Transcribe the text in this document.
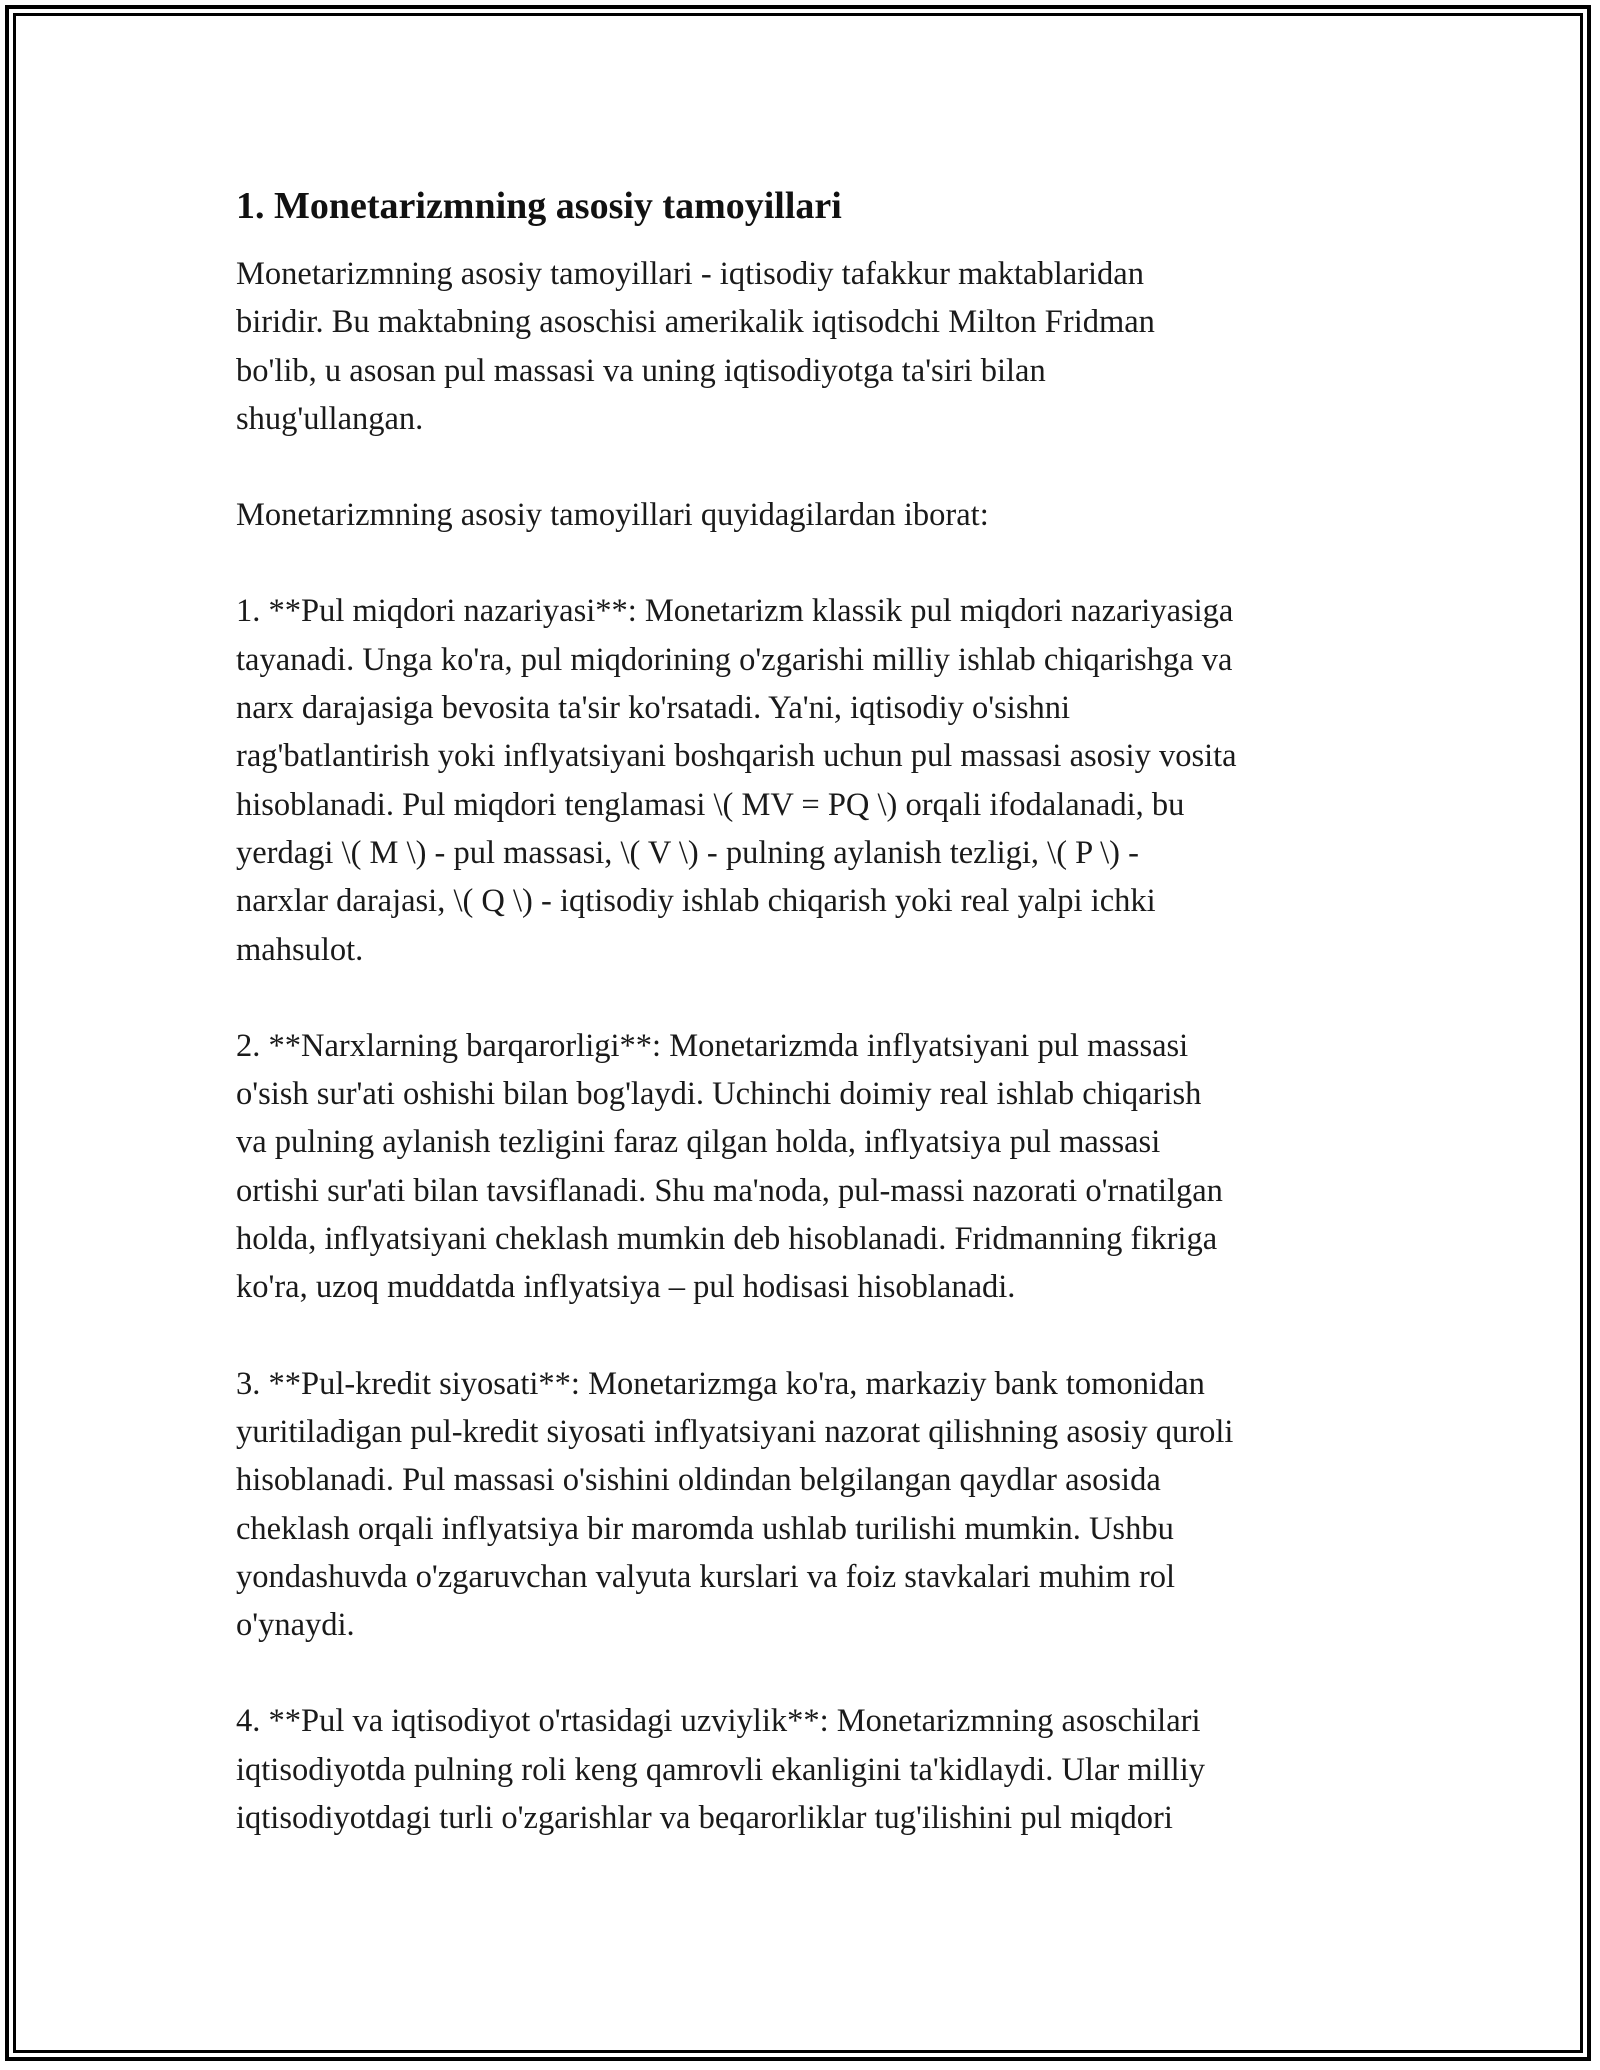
1. Monetarizmning asosiy tamoyillari
Monetarizmning asosiy tamoyillari - iqtisodiy tafakkur maktablaridan
biridir. Bu maktabning asoschisi amerikalik iqtisodchi Milton Fridman
bo'lib, u asosan pul massasi va uning iqtisodiyotga ta'siri bilan
shug'ullangan.
Monetarizmning asosiy tamoyillari quyidagilardan iborat:
1. **Pul miqdori nazariyasi**: Monetarizm klassik pul miqdori nazariyasiga
tayanadi. Unga ko'ra, pul miqdorining o'zgarishi milliy ishlab chiqarishga va
narx darajasiga bevosita ta'sir ko'rsatadi. Ya'ni, iqtisodiy o'sishni
rag'batlantirish yoki inflyatsiyani boshqarish uchun pul massasi asosiy vosita
hisoblanadi. Pul miqdori tenglamasi \( MV = PQ \) orqali ifodalanadi, bu
yerdagi \( M \) - pul massasi, \( V \) - pulning aylanish tezligi, \( P \) -
narxlar darajasi, \( Q \) - iqtisodiy ishlab chiqarish yoki real yalpi ichki
mahsulot.
2. **Narxlarning barqarorligi**: Monetarizmda inflyatsiyani pul massasi
o'sish sur'ati oshishi bilan bog'laydi. Uchinchi doimiy real ishlab chiqarish
va pulning aylanish tezligini faraz qilgan holda, inflyatsiya pul massasi
ortishi sur'ati bilan tavsiflanadi. Shu ma'noda, pul-massi nazorati o'rnatilgan
holda, inflyatsiyani cheklash mumkin deb hisoblanadi. Fridmanning fikriga
ko'ra, uzoq muddatda inflyatsiya – pul hodisasi hisoblanadi.
3. **Pul-kredit siyosati**: Monetarizmga ko'ra, markaziy bank tomonidan
yuritiladigan pul-kredit siyosati inflyatsiyani nazorat qilishning asosiy quroli
hisoblanadi. Pul massasi o'sishini oldindan belgilangan qaydlar asosida
cheklash orqali inflyatsiya bir maromda ushlab turilishi mumkin. Ushbu
yondashuvda o'zgaruvchan valyuta kurslari va foiz stavkalari muhim rol
o'ynaydi.
4. **Pul va iqtisodiyot o'rtasidagi uzviylik**: Monetarizmning asoschilari
iqtisodiyotda pulning roli keng qamrovli ekanligini ta'kidlaydi. Ular milliy
iqtisodiyotdagi turli o'zgarishlar va beqarorliklar tug'ilishini pul miqdori
